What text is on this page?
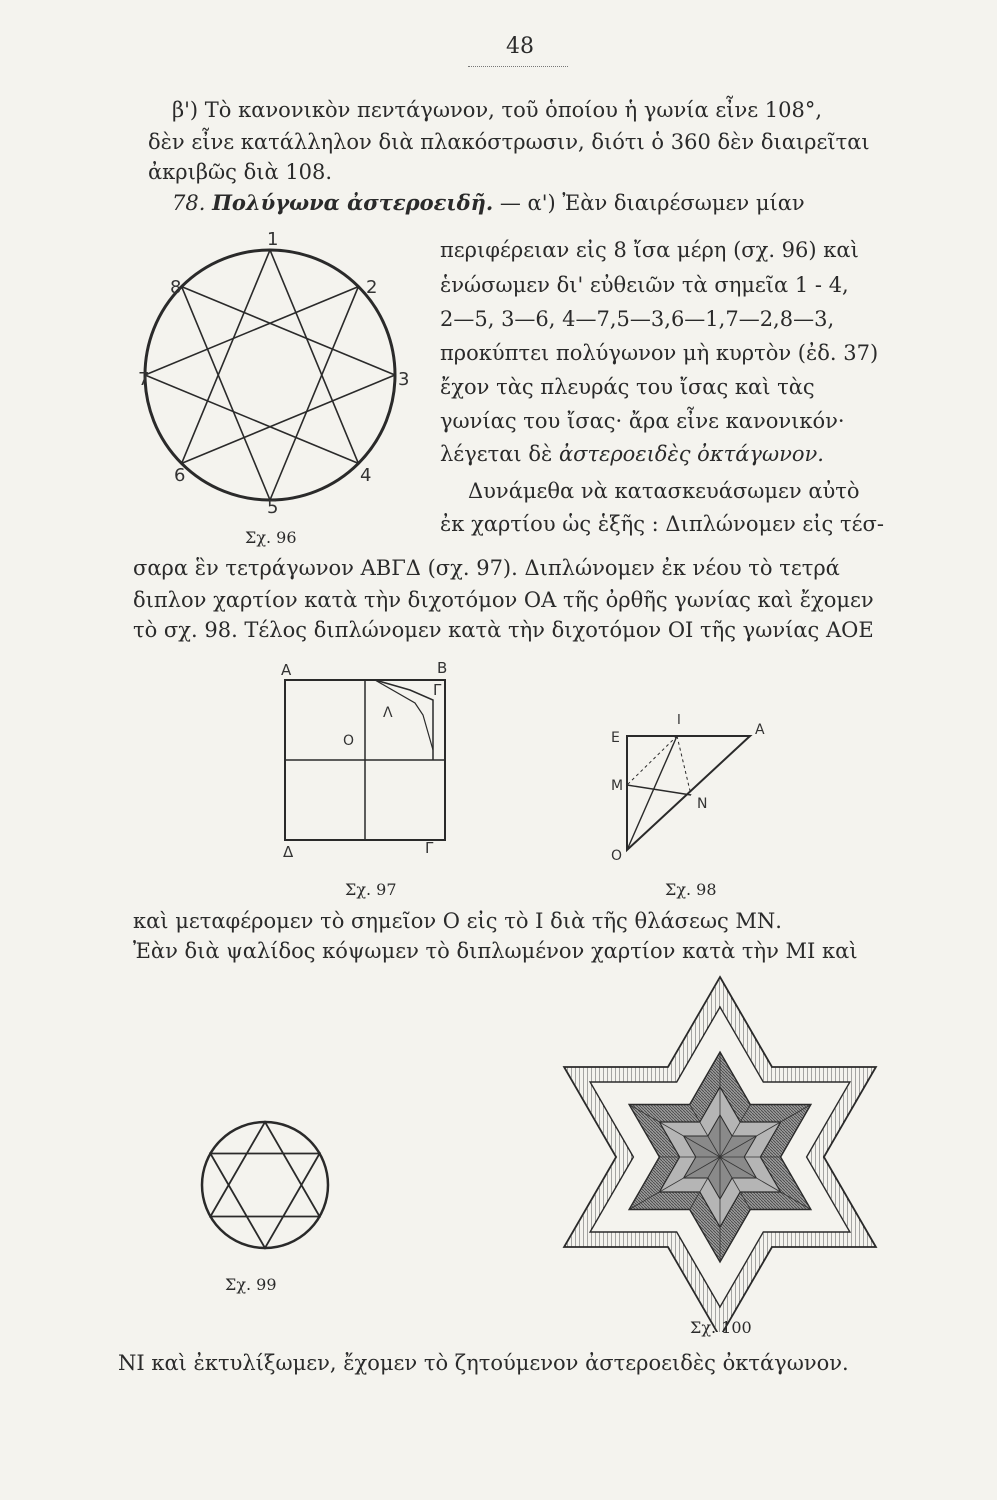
48
β') Τὸ κανονικὸν πεντάγωνον, τοῦ ὁποίου ἡ γωνία εἶνε 108°,
δὲν εἶνε κατάλληλον διὰ πλακόστρωσιν, διότι ὁ 360 δὲν διαιρεῖται
ἀκριβῶς διὰ 108.
78. Πολύγωνα ἀστεροειδῆ. — α') Ἐὰν διαιρέσωμεν μίαν
περιφέρειαν εἰς 8 ἴσα μέρη (σχ. 96) καὶ
ἑνώσωμεν δι' εὐθειῶν τὰ σημεῖα 1 - 4,
2—5, 3—6, 4—7,5—3,6—1,7—2,8—3,
προκύπτει πολύγωνον μὴ κυρτὸν (ἐδ. 37)
ἔχον τὰς πλευράς του ἴσας καὶ τὰς
γωνίας του ἴσας· ἄρα εἶνε κανονικόν·
λέγεται δὲ ἀστεροειδὲς ὀκτάγωνον.
Δυνάμεθα νὰ κατασκευάσωμεν αὐτὸ
ἐκ χαρτίου ὡς ἑξῆς : Διπλώνομεν εἰς τέσ-
1
2
3
4
5
6
7
8
Σχ. 96
σαρα ἓν τετράγωνον ΑΒΓΔ (σχ. 97). Διπλώνομεν ἐκ νέου τὸ τετρά
διπλον χαρτίον κατὰ τὴν διχοτόμον ΟΑ τῆς ὀρθῆς γωνίας καὶ ἔχομεν
τὸ σχ. 98. Τέλος διπλώνομεν κατὰ τὴν διχοτόμον ΟΙ τῆς γωνίας ΑΟΕ
A	B
Γ
Δ	Γ
O
Λ
Σχ. 97
E
I
A
M
N
O
Σχ. 98
καὶ μεταφέρομεν τὸ σημεῖον Ο εἰς τὸ Ι διὰ τῆς θλάσεως ΜΝ.
Ἐὰν διὰ ψαλίδος κόψωμεν τὸ διπλωμένον χαρτίον κατὰ τὴν ΜΙ καὶ
Σχ. 99
Σχ. 100
ΝΙ καὶ ἐκτυλίξωμεν, ἔχομεν τὸ ζητούμενον ἀστεροειδὲς ὀκτάγωνον.
